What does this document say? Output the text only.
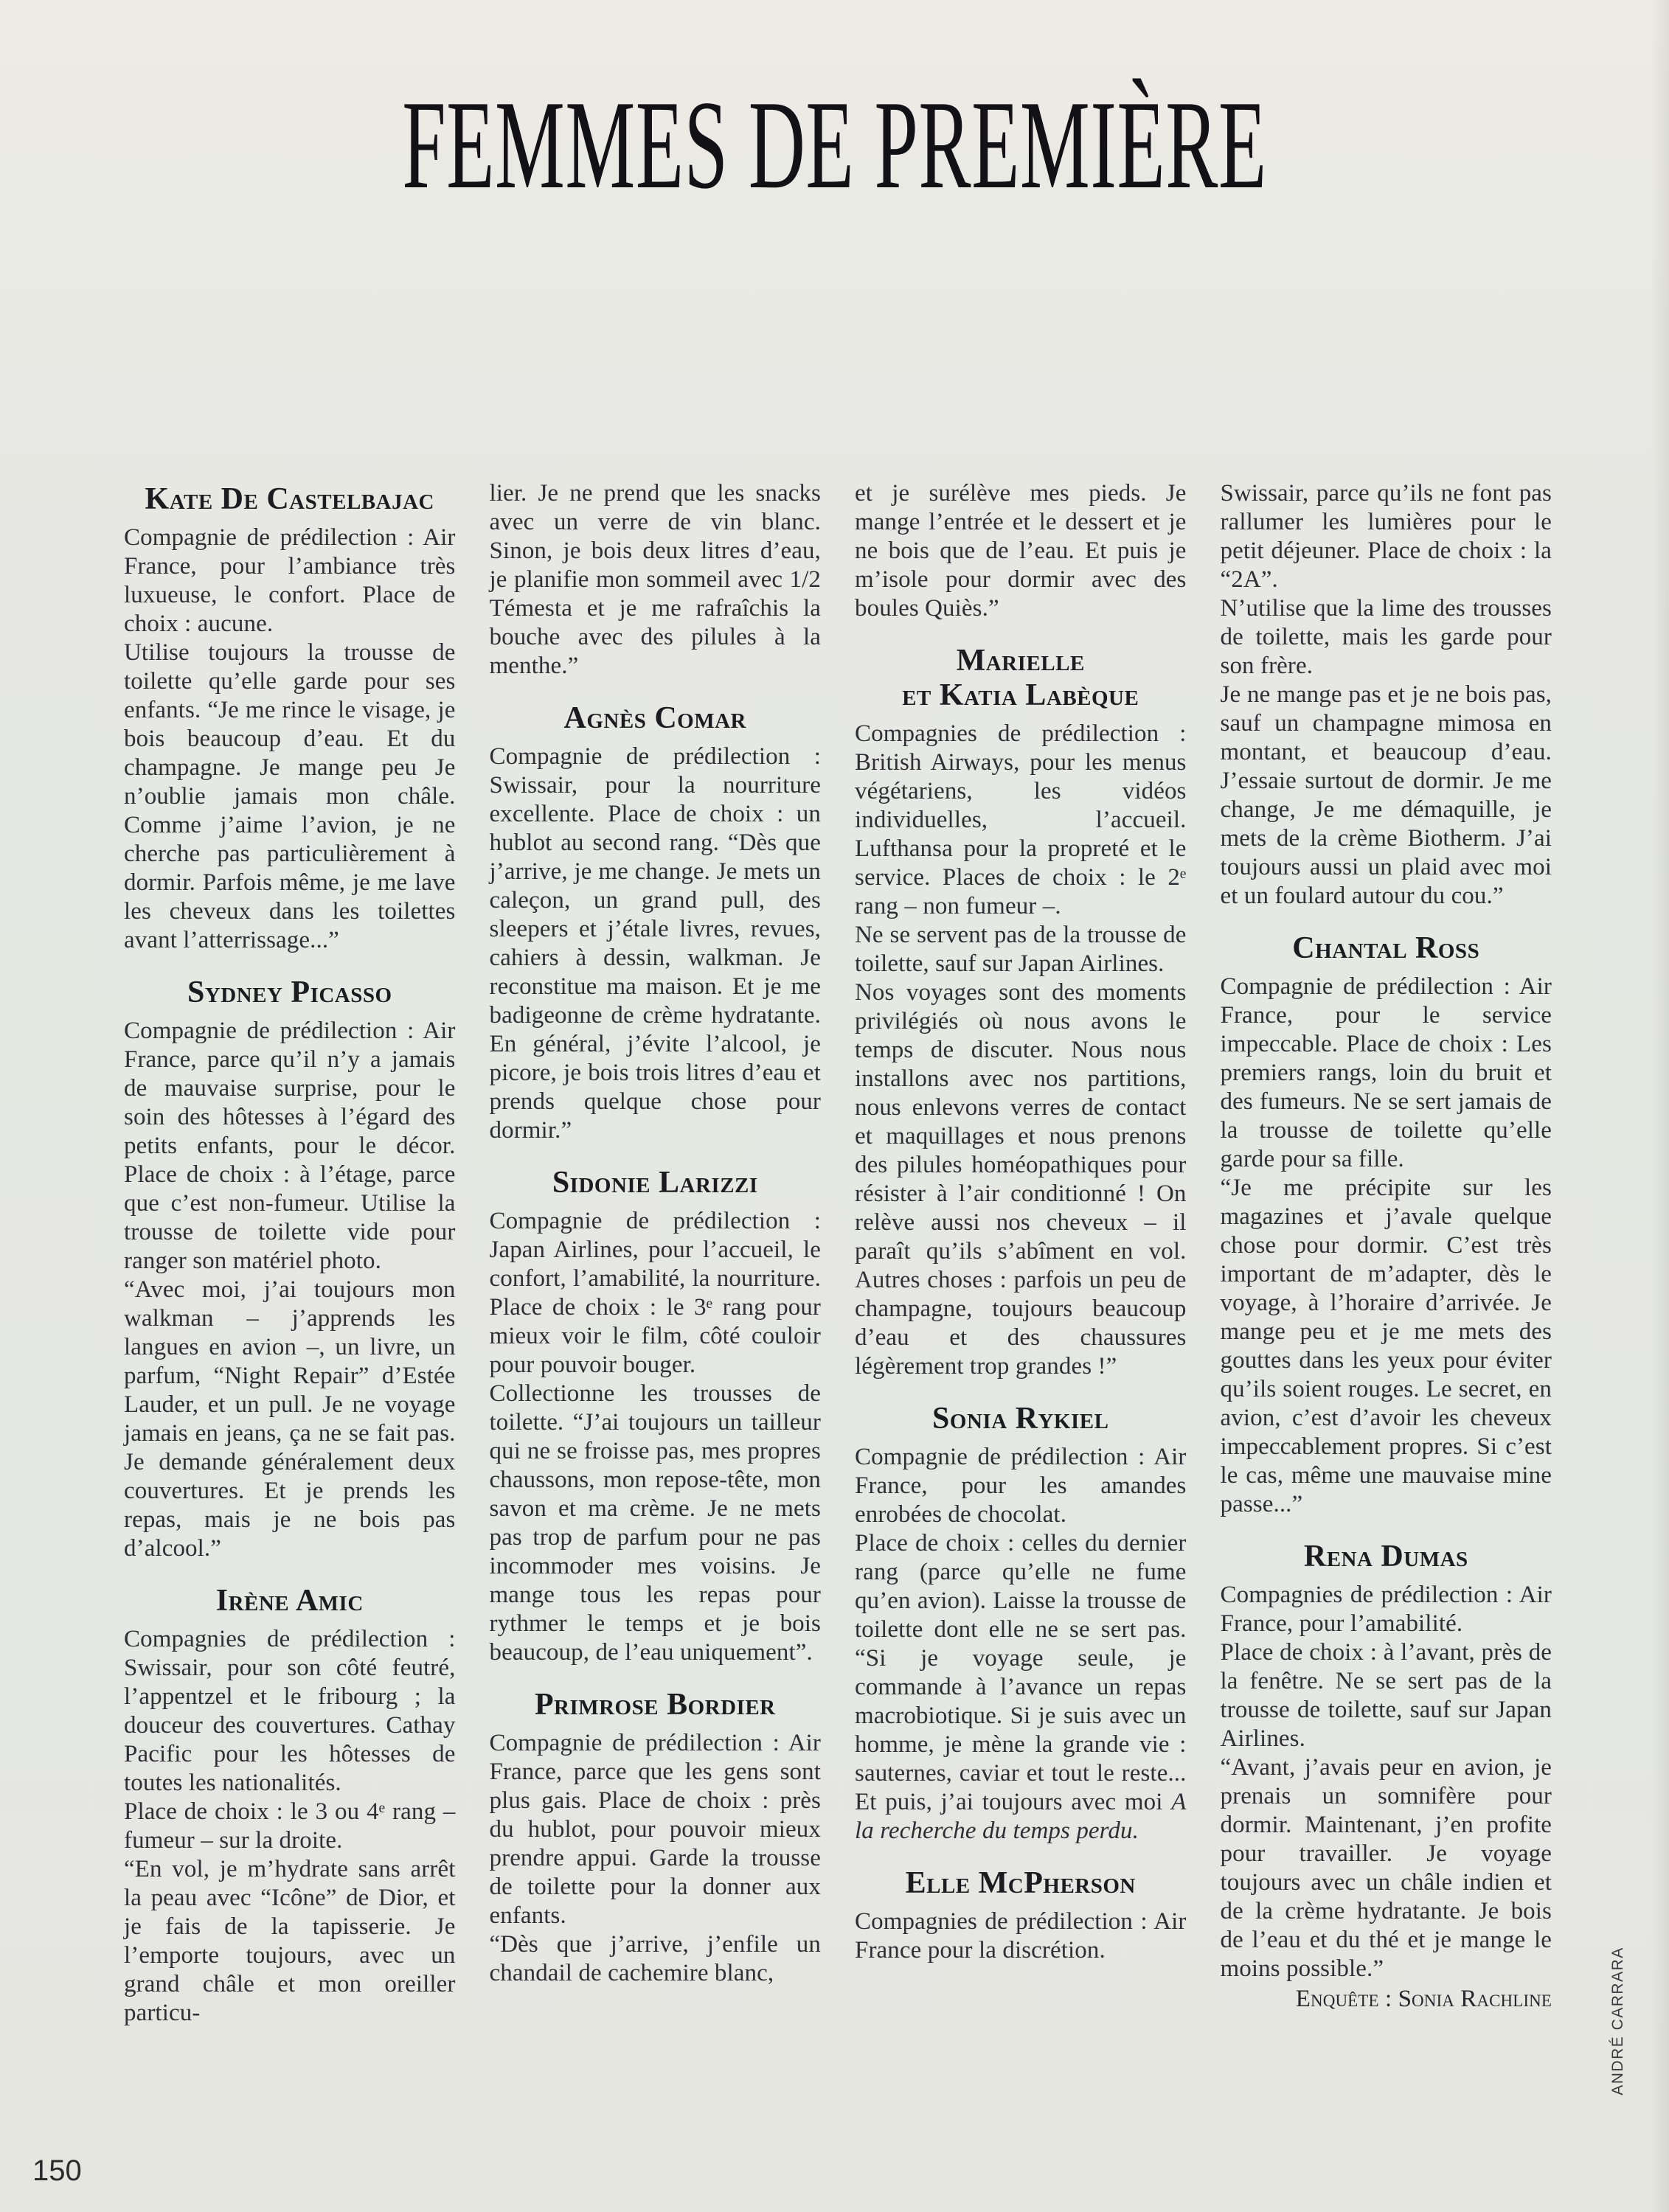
FEMMES DE PREMIÈRE
Kate De Castelbajac

Compagnie de prédilection : Air France, pour l’ambiance très luxueuse, le confort. Place de choix : aucune.

Utilise toujours la trousse de toilette qu’elle garde pour ses enfants. “Je me rince le visage, je bois beaucoup d’eau. Et du champagne. Je mange peu Je n’oublie jamais mon châle. Comme j’aime l’avion, je ne cherche pas particulièrement à dormir. Parfois même, je me lave les cheveux dans les toilettes avant l’atterrissage...”

Sydney Picasso

Compagnie de prédilection : Air France, parce qu’il n’y a jamais de mauvaise surprise, pour le soin des hôtesses à l’égard des petits enfants, pour le décor. Place de choix : à l’étage, parce que c’est non-fumeur. Utilise la trousse de toilette vide pour ranger son matériel photo.

“Avec moi, j’ai toujours mon walkman – j’apprends les langues en avion –, un livre, un parfum, “Night Repair” d’Estée Lauder, et un pull. Je ne voyage jamais en jeans, ça ne se fait pas. Je demande généralement deux couvertures. Et je prends les repas, mais je ne bois pas d’alcool.”

Irène Amic

Compagnies de prédilection : Swissair, pour son côté feutré, l’appentzel et le fribourg ; la douceur des couvertures. Cathay Pacific pour les hôtesses de toutes les nationalités.

Place de choix : le 3 ou 4ᵉ rang – fumeur – sur la droite.

“En vol, je m’hydrate sans arrêt la peau avec “Icône” de Dior, et je fais de la tapisserie. Je l’emporte toujours, avec un grand châle et mon oreiller particu-

lier. Je ne prend que les snacks avec un verre de vin blanc. Sinon, je bois deux litres d’eau, je planifie mon sommeil avec 1/2 Témesta et je me rafraîchis la bouche avec des pilules à la menthe.”

Agnès Comar

Compagnie de prédilection : Swissair, pour la nourriture excellente. Place de choix : un hublot au second rang. “Dès que j’arrive, je me change. Je mets un caleçon, un grand pull, des sleepers et j’étale livres, revues, cahiers à dessin, walkman. Je reconstitue ma maison. Et je me badigeonne de crème hydratante. En général, j’évite l’alcool, je picore, je bois trois litres d’eau et prends quelque chose pour dormir.”

Sidonie Larizzi

Compagnie de prédilection : Japan Airlines, pour l’accueil, le confort, l’amabilité, la nourriture. Place de choix : le 3ᵉ rang pour mieux voir le film, côté couloir pour pouvoir bouger.

Collectionne les trousses de toilette. “J’ai toujours un tailleur qui ne se froisse pas, mes propres chaussons, mon repose-tête, mon savon et ma crème. Je ne mets pas trop de parfum pour ne pas incommoder mes voisins. Je mange tous les repas pour rythmer le temps et je bois beaucoup, de l’eau uniquement”.

Primrose Bordier

Compagnie de prédilection : Air France, parce que les gens sont plus gais. Place de choix : près du hublot, pour pouvoir mieux prendre appui. Garde la trousse de toilette pour la donner aux enfants.

“Dès que j’arrive, j’enfile un chandail de cachemire blanc,

et je surélève mes pieds. Je mange l’entrée et le dessert et je ne bois que de l’eau. Et puis je m’isole pour dormir avec des boules Quiès.”

Marielle
et Katia Labèque

Compagnies de prédilection : British Airways, pour les menus végétariens, les vidéos individuelles, l’accueil. Lufthansa pour la propreté et le service. Places de choix : le 2ᵉ rang – non fumeur –.

Ne se servent pas de la trousse de toilette, sauf sur Japan Airlines.

Nos voyages sont des moments privilégiés où nous avons le temps de discuter. Nous nous installons avec nos partitions, nous enlevons verres de contact et maquillages et nous prenons des pilules homéopathiques pour résister à l’air conditionné ! On relève aussi nos cheveux – il paraît qu’ils s’abîment en vol. Autres choses : parfois un peu de champagne, toujours beaucoup d’eau et des chaussures légèrement trop grandes !”

Sonia Rykiel

Compagnie de prédilection : Air France, pour les amandes enrobées de chocolat.

Place de choix : celles du dernier rang (parce qu’elle ne fume qu’en avion). Laisse la trousse de toilette dont elle ne se sert pas. “Si je voyage seule, je commande à l’avance un repas macrobiotique. Si je suis avec un homme, je mène la grande vie : sauternes, caviar et tout le reste... Et puis, j’ai toujours avec moi A la recherche du temps perdu.

Elle McPherson

Compagnies de prédilection : Air France pour la discrétion.

Swissair, parce qu’ils ne font pas rallumer les lumières pour le petit déjeuner. Place de choix : la “2A”.

N’utilise que la lime des trousses de toilette, mais les garde pour son frère.

Je ne mange pas et je ne bois pas, sauf un champagne mimosa en montant, et beaucoup d’eau. J’essaie surtout de dormir. Je me change, Je me démaquille, je mets de la crème Biotherm. J’ai toujours aussi un plaid avec moi et un foulard autour du cou.”

Chantal Ross

Compagnie de prédilection : Air France, pour le service impeccable. Place de choix : Les premiers rangs, loin du bruit et des fumeurs. Ne se sert jamais de la trousse de toilette qu’elle garde pour sa fille.

“Je me précipite sur les magazines et j’avale quelque chose pour dormir. C’est très important de m’adapter, dès le voyage, à l’horaire d’arrivée. Je mange peu et je me mets des gouttes dans les yeux pour éviter qu’ils soient rouges. Le secret, en avion, c’est d’avoir les cheveux impeccablement propres. Si c’est le cas, même une mauvaise mine passe...”

Rena Dumas

Compagnies de prédilection : Air France, pour l’amabilité.

Place de choix : à l’avant, près de la fenêtre. Ne se sert pas de la trousse de toilette, sauf sur Japan Airlines.

“Avant, j’avais peur en avion, je prenais un somnifère pour dormir. Maintenant, j’en profite pour travailler. Je voyage toujours avec un châle indien et de la crème hydratante. Je bois de l’eau et du thé et je mange le moins possible.”

Enquête : Sonia Rachline

150
ANDRÉ CARRARA
